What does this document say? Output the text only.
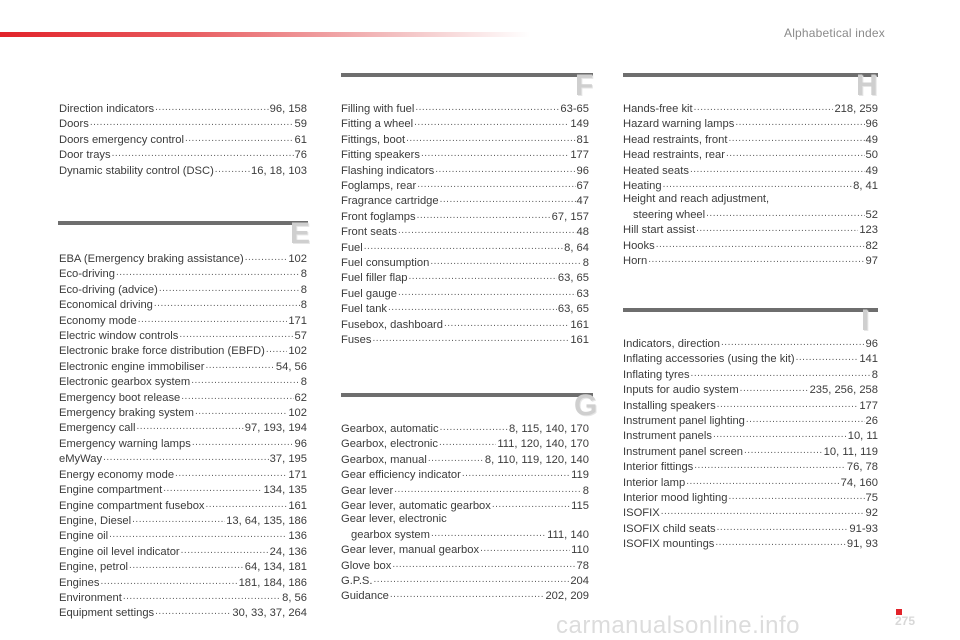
Alphabetical index
Direction indicators .....	96, 158
Doors .....	59
Doors emergency control .....	61
Door trays .....	76
Dynamic stability control (DSC) .....	16, 18, 103
E
EBA (Emergency braking assistance) .....	102
Eco-driving .....	8
Eco-driving (advice) .....	8
Economical driving .....	8
Economy mode .....	171
Electric window controls .....	57
Electronic brake force distribution (EBFD) ..... 102
Electronic engine immobiliser .....	54, 56
Electronic gearbox system .....	8
Emergency boot release .....	62
Emergency braking system .....	102
Emergency call .....	97, 193, 194
Emergency warning lamps .....	96
eMyWay .....	37, 195
Energy economy mode .....	171
Engine compartment .....	134, 135
Engine compartment fusebox .....	161
Engine, Diesel .....	13, 64, 135, 186
Engine oil .....	136
Engine oil level indicator .....	24, 136
Engine, petrol .....	64, 134, 181
Engines .....	181, 184, 186
Environment .....	8, 56
Equipment settings .....	30, 33, 37, 264
F
Filling with fuel .....	63-65
Fitting a wheel .....	149
Fittings, boot .....	81
Fitting speakers .....	177
Flashing indicators .....	96
Foglamps, rear .....	67
Fragrance cartridge .....	47
Front foglamps .....	67, 157
Front seats .....	48
Fuel .....	8, 64
Fuel consumption .....	8
Fuel filler flap .....	63, 65
Fuel gauge .....	63
Fuel tank .....	63, 65
Fusebox, dashboard .....	161
Fuses .....	161
G
Gearbox, automatic .....	8, 115, 140, 170
Gearbox, electronic .....	111, 120, 140, 170
Gearbox, manual .....	8, 110, 119, 120, 140
Gear efficiency indicator .....	119
Gear lever .....	8
Gear lever, automatic gearbox .....	115
Gear lever, electronic
gearbox system .....	111, 140
Gear lever, manual gearbox .....	110
Glove box .....	78
G.P.S. .....	204
Guidance .....	202, 209
H
Hands-free kit .....	218, 259
Hazard warning lamps .....	96
Head restraints, front .....	49
Head restraints, rear .....	50
Heated seats .....	49
Heating .....	8, 41
Height and reach adjustment,
steering wheel .....	52
Hill start assist .....	123
Hooks .....	82
Horn .....	97
I
Indicators, direction .....	96
Inflating accessories (using the kit) .....	141
Inflating tyres .....	8
Inputs for audio system .....	235, 256, 258
Installing speakers .....	177
Instrument panel lighting .....	26
Instrument panels .....	10, 11
Instrument panel screen .....	10, 11, 119
Interior fittings .....	76, 78
Interior lamp .....	74, 160
Interior mood lighting .....	75
ISOFIX .....	92
ISOFIX child seats .....	91-93
ISOFIX mountings .....	91, 93
carmanualsonline.info	275
